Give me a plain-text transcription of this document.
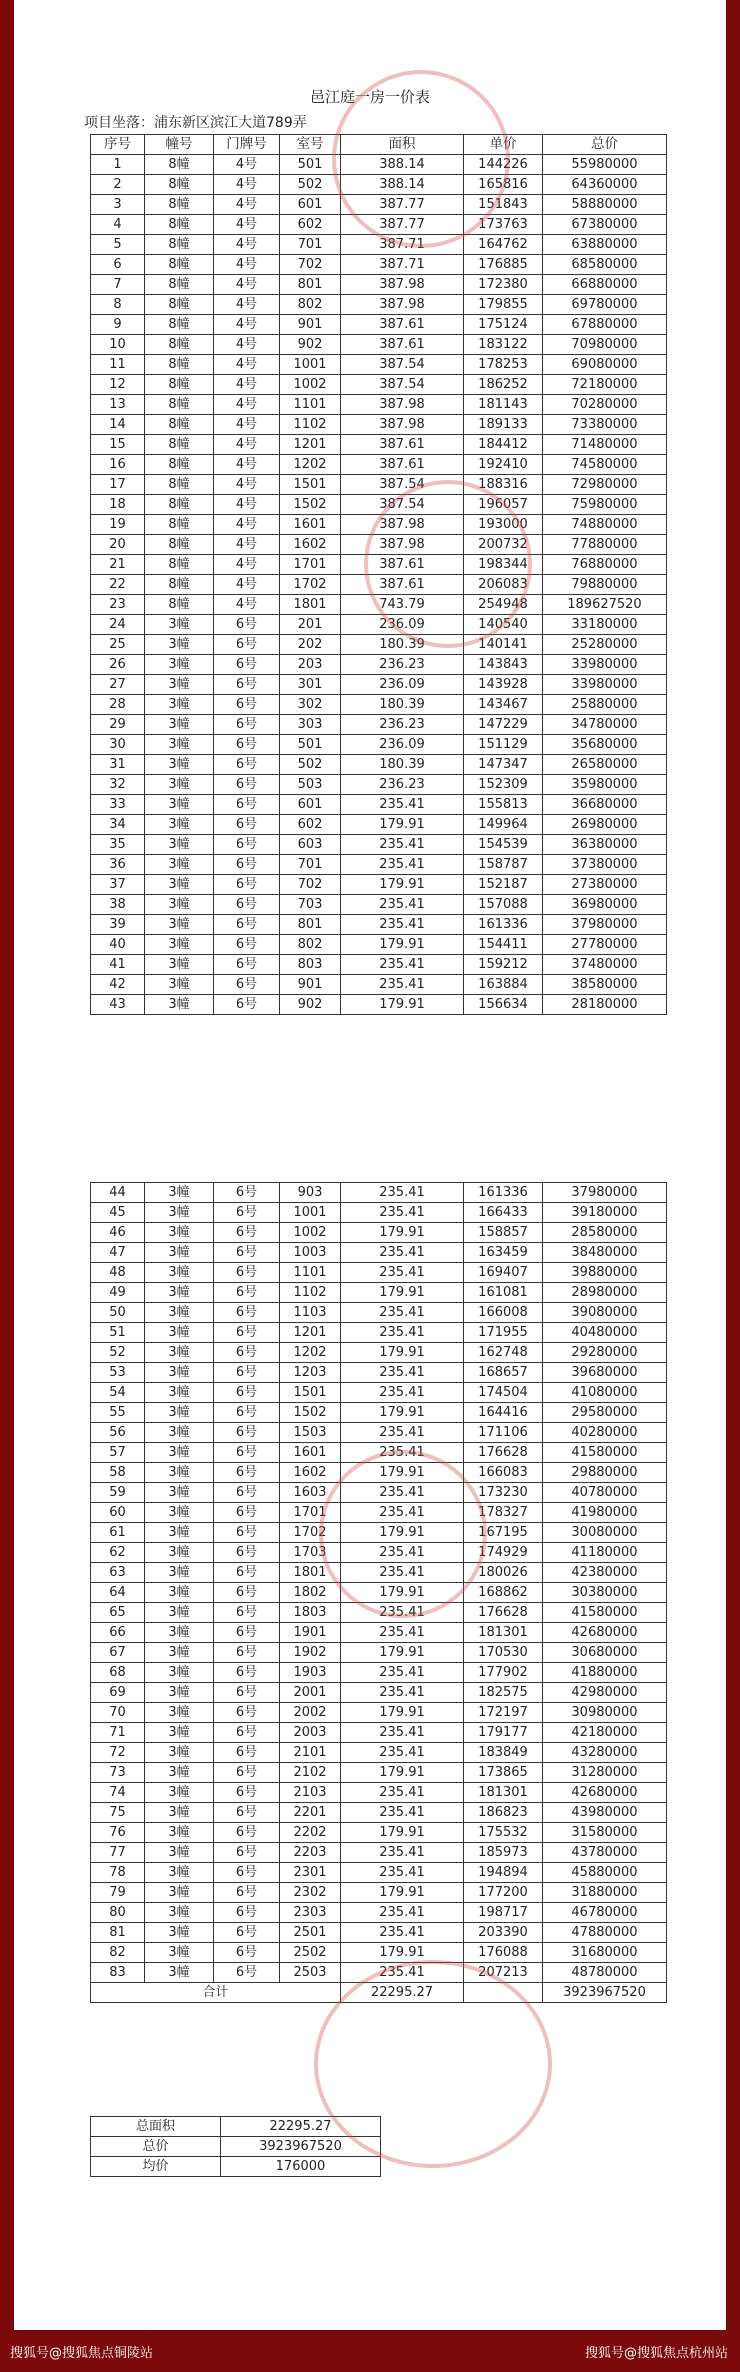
邑江庭一房一价表
项目坐落：浦东新区滨江大道789弄
序号	幢号	门牌号	室号	面积	单价	总价
1	8幢	4号	501	388.14	144226	55980000
2	8幢	4号	502	388.14	165816	64360000
3	8幢	4号	601	387.77	151843	58880000
4	8幢	4号	602	387.77	173763	67380000
5	8幢	4号	701	387.71	164762	63880000
6	8幢	4号	702	387.71	176885	68580000
7	8幢	4号	801	387.98	172380	66880000
8	8幢	4号	802	387.98	179855	69780000
9	8幢	4号	901	387.61	175124	67880000
10	8幢	4号	902	387.61	183122	70980000
11	8幢	4号	1001	387.54	178253	69080000
12	8幢	4号	1002	387.54	186252	72180000
13	8幢	4号	1101	387.98	181143	70280000
14	8幢	4号	1102	387.98	189133	73380000
15	8幢	4号	1201	387.61	184412	71480000
16	8幢	4号	1202	387.61	192410	74580000
17	8幢	4号	1501	387.54	188316	72980000
18	8幢	4号	1502	387.54	196057	75980000
19	8幢	4号	1601	387.98	193000	74880000
20	8幢	4号	1602	387.98	200732	77880000
21	8幢	4号	1701	387.61	198344	76880000
22	8幢	4号	1702	387.61	206083	79880000
23	8幢	4号	1801	743.79	254948	189627520
24	3幢	6号	201	236.09	140540	33180000
25	3幢	6号	202	180.39	140141	25280000
26	3幢	6号	203	236.23	143843	33980000
27	3幢	6号	301	236.09	143928	33980000
28	3幢	6号	302	180.39	143467	25880000
29	3幢	6号	303	236.23	147229	34780000
30	3幢	6号	501	236.09	151129	35680000
31	3幢	6号	502	180.39	147347	26580000
32	3幢	6号	503	236.23	152309	35980000
33	3幢	6号	601	235.41	155813	36680000
34	3幢	6号	602	179.91	149964	26980000
35	3幢	6号	603	235.41	154539	36380000
36	3幢	6号	701	235.41	158787	37380000
37	3幢	6号	702	179.91	152187	27380000
38	3幢	6号	703	235.41	157088	36980000
39	3幢	6号	801	235.41	161336	37980000
40	3幢	6号	802	179.91	154411	27780000
41	3幢	6号	803	235.41	159212	37480000
42	3幢	6号	901	235.41	163884	38580000
43	3幢	6号	902	179.91	156634	28180000
44	3幢	6号	903	235.41	161336	37980000
45	3幢	6号	1001	235.41	166433	39180000
46	3幢	6号	1002	179.91	158857	28580000
47	3幢	6号	1003	235.41	163459	38480000
48	3幢	6号	1101	235.41	169407	39880000
49	3幢	6号	1102	179.91	161081	28980000
50	3幢	6号	1103	235.41	166008	39080000
51	3幢	6号	1201	235.41	171955	40480000
52	3幢	6号	1202	179.91	162748	29280000
53	3幢	6号	1203	235.41	168657	39680000
54	3幢	6号	1501	235.41	174504	41080000
55	3幢	6号	1502	179.91	164416	29580000
56	3幢	6号	1503	235.41	171106	40280000
57	3幢	6号	1601	235.41	176628	41580000
58	3幢	6号	1602	179.91	166083	29880000
59	3幢	6号	1603	235.41	173230	40780000
60	3幢	6号	1701	235.41	178327	41980000
61	3幢	6号	1702	179.91	167195	30080000
62	3幢	6号	1703	235.41	174929	41180000
63	3幢	6号	1801	235.41	180026	42380000
64	3幢	6号	1802	179.91	168862	30380000
65	3幢	6号	1803	235.41	176628	41580000
66	3幢	6号	1901	235.41	181301	42680000
67	3幢	6号	1902	179.91	170530	30680000
68	3幢	6号	1903	235.41	177902	41880000
69	3幢	6号	2001	235.41	182575	42980000
70	3幢	6号	2002	179.91	172197	30980000
71	3幢	6号	2003	235.41	179177	42180000
72	3幢	6号	2101	235.41	183849	43280000
73	3幢	6号	2102	179.91	173865	31280000
74	3幢	6号	2103	235.41	181301	42680000
75	3幢	6号	2201	235.41	186823	43980000
76	3幢	6号	2202	179.91	175532	31580000
77	3幢	6号	2203	235.41	185973	43780000
78	3幢	6号	2301	235.41	194894	45880000
79	3幢	6号	2302	179.91	177200	31880000
80	3幢	6号	2303	235.41	198717	46780000
81	3幢	6号	2501	235.41	203390	47880000
82	3幢	6号	2502	179.91	176088	31680000
83	3幢	6号	2503	235.41	207213	48780000
合计				22295.27		3923967520
总面积	22295.27
总价	3923967520
均价	176000
搜狐号@搜狐焦点铜陵站	搜狐号@搜狐焦点杭州站
